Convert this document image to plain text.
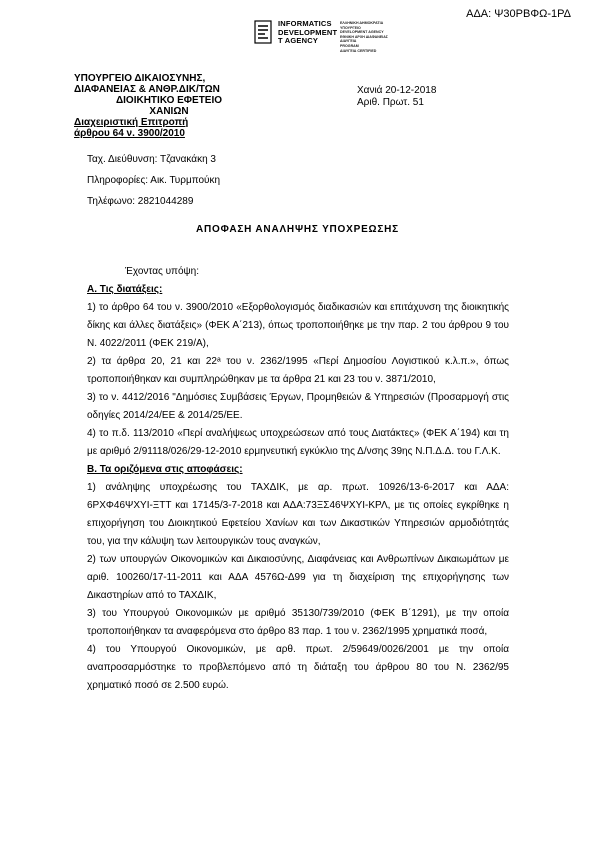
ΑΔΑ: Ψ30ΡΒΦΩ-1ΡΔ
INFORMATICS
DEVELOPMENT
T AGENCY
ΕΛΛΗΝΙΚΗ ΔΗΜΟΚΡΑΤΙΑ
ΥΠΟΥΡΓΕΙΟ
DEVELOPMENT AGENCY
ΕΘΝΙΚΗ ΑΡΧΗ ΔΙΑΦΑΝΕΙΑΣ
ΔΙΑΥΓΕΙΑ
PROGRAM
ΔΙΑΥΓΕΙΑ CERTIFIED
ΥΠΟΥΡΓΕΙΟ ΔΙΚΑΙΟΣΥΝΗΣ,
ΔΙΑΦΑΝΕΙΑΣ & ΑΝΘΡ.ΔΙΚ/ΤΩΝ
ΔΙΟΙΚΗΤΙΚΟ ΕΦΕΤΕΙΟ
ΧΑΝΙΩΝ
Διαχειριστική Επιτροπή
άρθρου 64 ν. 3900/2010
Χανιά 20-12-2018
Αριθ. Πρωτ. 51
Ταχ. Διεύθυνση: Τζανακάκη 3
Πληροφορίες: Αικ. Τυρμπούκη
Τηλέφωνο: 2821044289
ΑΠΟΦΑΣΗ ΑΝΑΛΗΨΗΣ ΥΠΟΧΡΕΩΣΗΣ

Έχοντας υπόψη:

Α. Τις διατάξεις:

1) το άρθρο 64 του ν. 3900/2010 «Εξορθολογισμός διαδικασιών και επιτάχυνση της διοικητικής δίκης και άλλες διατάξεις» (ΦΕΚ Α΄213), όπως τροποποιήθηκε με την παρ. 2 του άρθρου 9 του Ν. 4022/2011 (ΦΕΚ 219/Α),

2) τα άρθρα 20, 21 και 22ᵃ του ν. 2362/1995 «Περί Δημοσίου Λογιστικού κ.λ.π.», όπως τροποποιήθηκαν και συμπληρώθηκαν με τα άρθρα 21 και 23 του ν. 3871/2010,

3) το ν. 4412/2016 "Δημόσιες Συμβάσεις Έργων, Προμηθειών & Υπηρεσιών (Προσαρμογή στις οδηγίες 2014/24/ΕΕ & 2014/25/ΕΕ.

4) το π.δ. 113/2010 «Περί αναλήψεως υποχρεώσεων από τους Διατάκτες» (ΦΕΚ Α΄194) και τη με αριθμό 2/91118/026/29-12-2010 ερμηνευτική εγκύκλιο της Δ/νσης 39ης Ν.Π.Δ.Δ. του Γ.Λ.Κ.

Β. Τα οριζόμενα στις αποφάσεις:

1) ανάληψης υποχρέωσης του ΤΑΧΔΙΚ, με αρ. πρωτ. 10926/13-6-2017 και ΑΔΑ: 6ΡΧΦ46ΨΧΥΙ-ΞΤΤ και 17145/3-7-2018 και ΑΔΑ:73ΞΣ46ΨΧΥΙ-ΚΡΛ, με τις οποίες εγκρίθηκε η επιχορήγηση του Διοικητικού Εφετείου Χανίων και των Δικαστικών Υπηρεσιών αρμοδιότητάς του, για την κάλυψη των λειτουργικών τους αναγκών,

2) των υπουργών Οικονομικών και Δικαιοσύνης, Διαφάνειας και Ανθρωπίνων Δικαιωμάτων με αριθ. 100260/17-11-2011 και ΑΔΑ 4576Ω-Δ99 για τη διαχείριση της επιχορήγησης των Δικαστηρίων από το ΤΑΧΔΙΚ,

3) του Υπουργού Οικονομικών με αριθμό 35130/739/2010 (ΦΕΚ Β΄1291), με την οποία τροποποιήθηκαν τα αναφερόμενα στο άρθρο 83 παρ. 1 του ν. 2362/1995 χρηματικά ποσά,

4) του Υπουργού Οικονομικών, με αρθ. πρωτ. 2/59649/0026/2001 με την οποία αναπροσαρμόστηκε το προβλεπόμενο από τη διάταξη του άρθρου 80 του Ν. 2362/95 χρηματικό ποσό σε 2.500 ευρώ.
